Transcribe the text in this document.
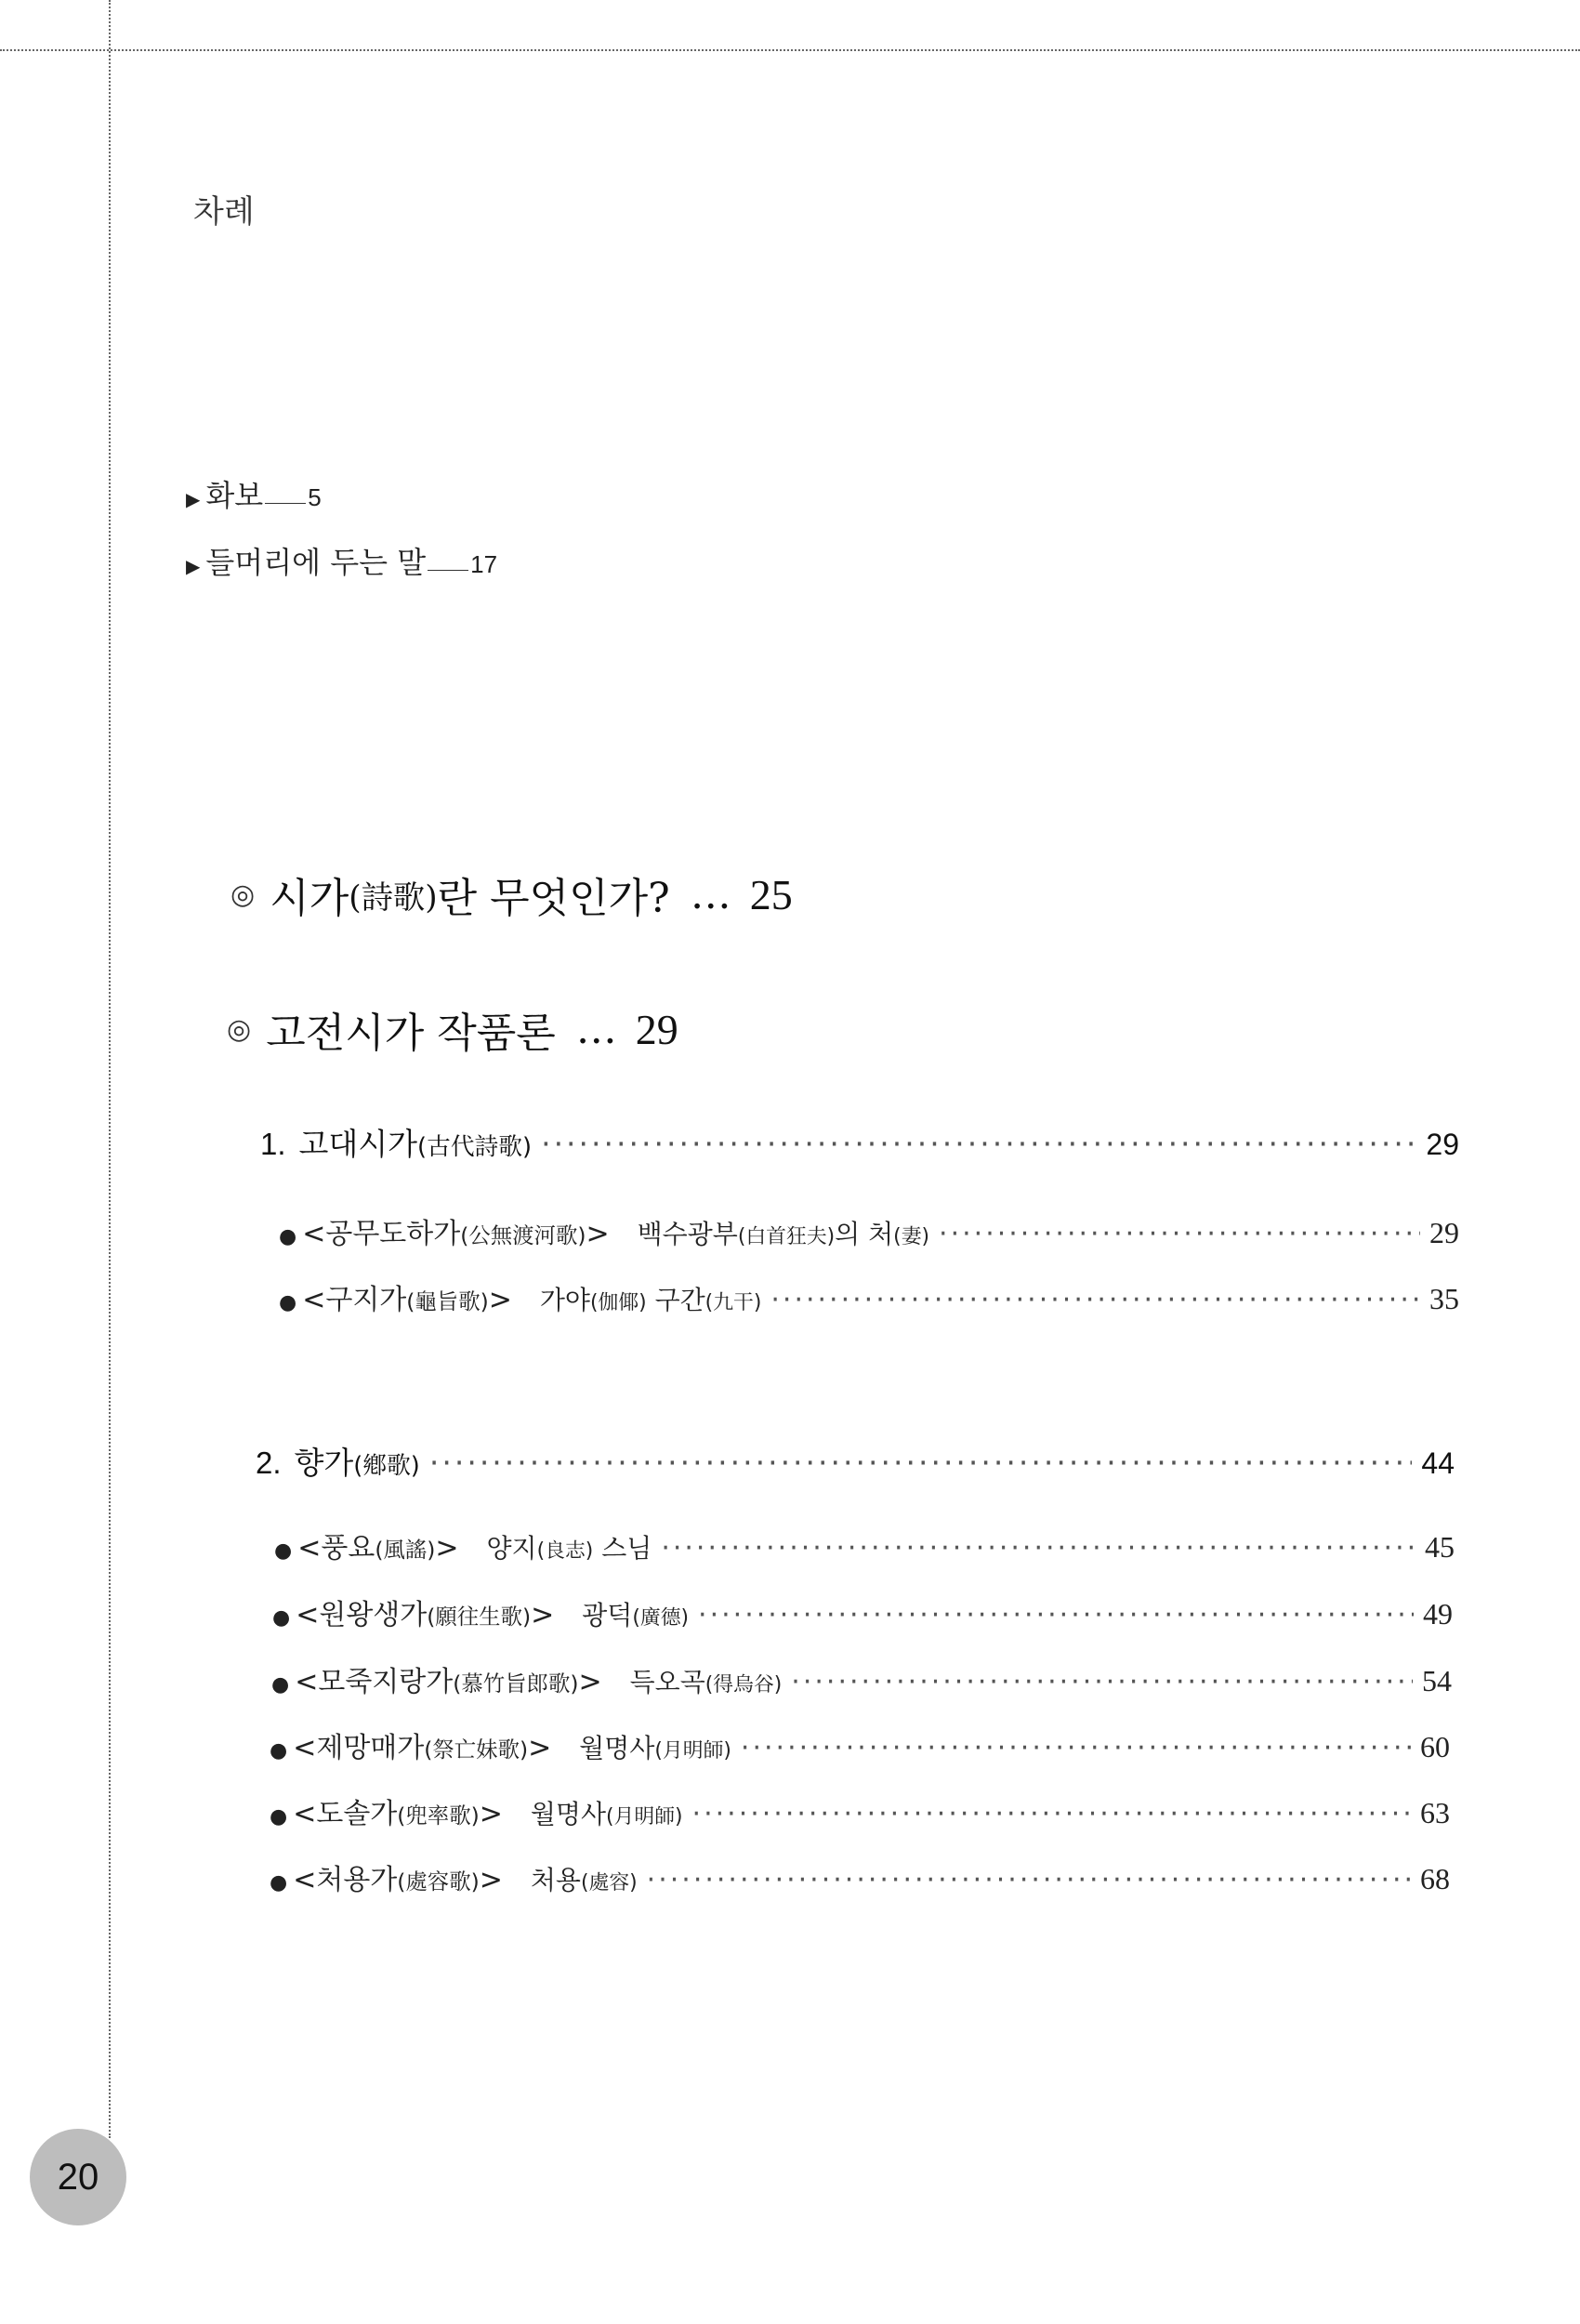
차례
▶ 화보 5
▶ 들머리에 두는 말 17
◎ 시가 (詩歌) 란 무엇인가? … 25
◎ 고전시가 작품론 … 29
1. 고대시가 (古代詩歌) ·····	29
● <공무도하가 (公無渡河歌) > 백수광부(白首狂夫)의 처(妻) ·····	29
● <구지가 (龜旨歌) > 가야(伽倻) 구간(九干) ·····	35
2. 향가 (鄕歌) ·····	44
● <풍요 (風謠) > 양지(良志) 스님 ·····	45
● <원왕생가 (願往生歌) > 광덕(廣德) ·····	49
● <모죽지랑가 (慕竹旨郎歌) > 득오곡(得烏谷) ·····	54
● <제망매가 (祭亡妹歌) > 월명사(月明師) ·····	60
● <도솔가 (兜率歌) > 월명사(月明師) ·····	63
● <처용가 (處容歌) > 처용(處容) ·····	68
20
